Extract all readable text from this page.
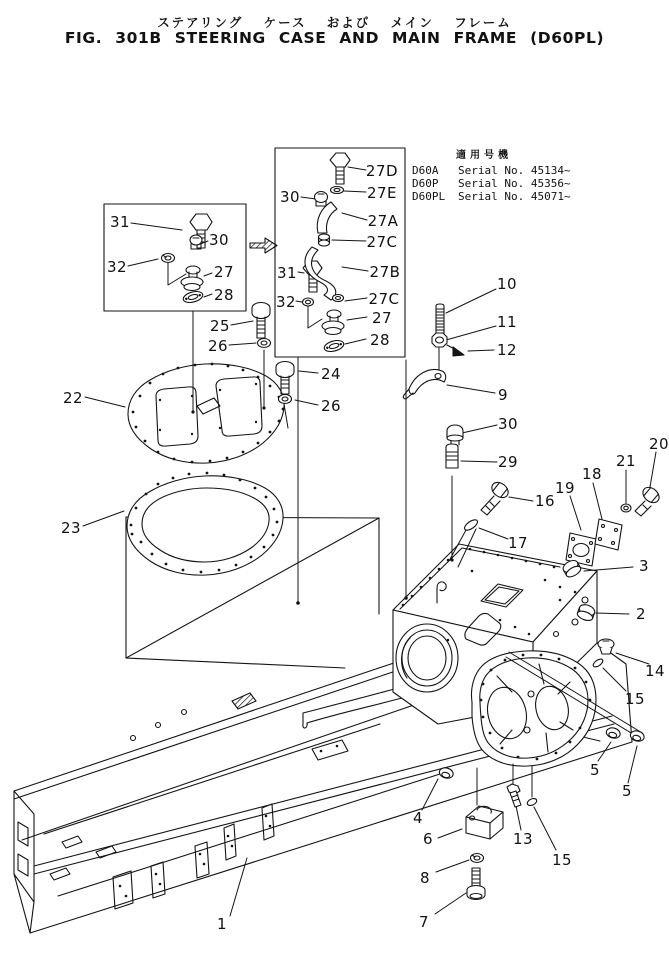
ステアリング ケース および メイン フレーム
FIG. 301B STEERING CASE AND MAIN FRAME (D60PL)
適用号機
D60A	Serial No. 45134~
D60P	Serial No. 45356~
D60PL	Serial No. 45071~
31
30
32	27
28
25
26
24
26
22
23
27D
30	27E
27A
27C
31	27B
32	27C
27
28
10
11
12
9
30
29
16
17
19
18
21
20
3
2
14
15
5
5
4
6	13
15
8
7
1
